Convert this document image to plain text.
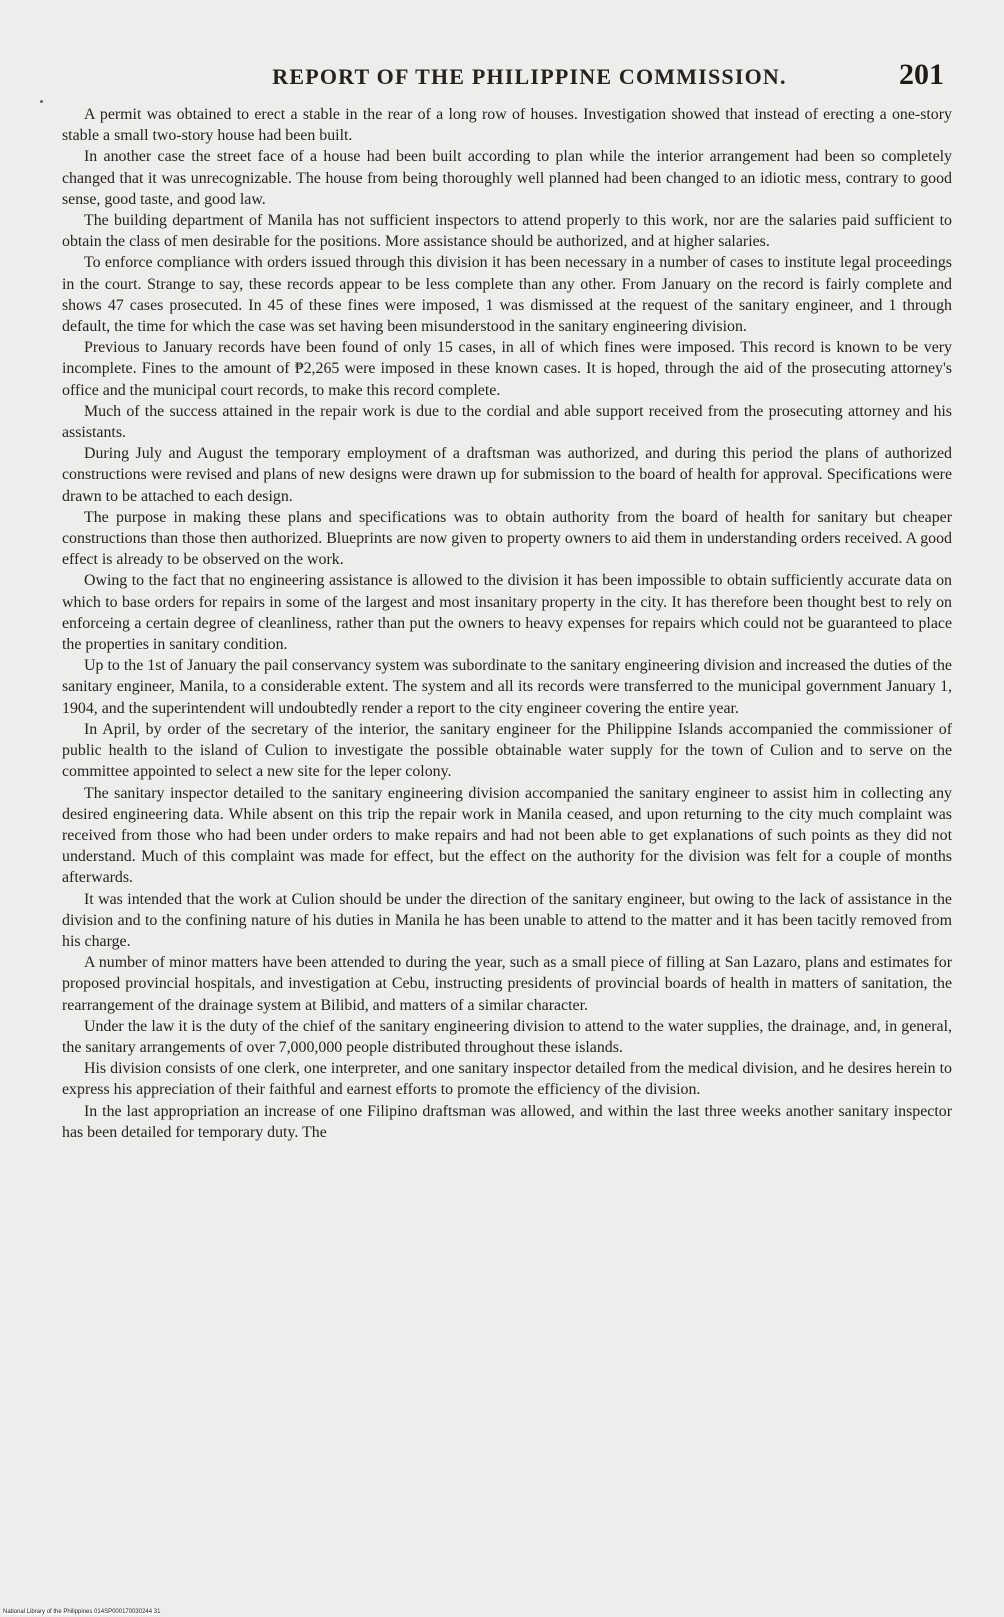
REPORT OF THE PHILIPPINE COMMISSION.	201

A permit was obtained to erect a stable in the rear of a long row of houses. Investigation showed that instead of erecting a one-story stable a small two-story house had been built.

In another case the street face of a house had been built according to plan while the interior arrangement had been so completely changed that it was unrecognizable. The house from being thoroughly well planned had been changed to an idiotic mess, contrary to good sense, good taste, and good law.

The building department of Manila has not sufficient inspectors to attend properly to this work, nor are the salaries paid sufficient to obtain the class of men desirable for the positions. More assistance should be authorized, and at higher salaries.

To enforce compliance with orders issued through this division it has been necessary in a number of cases to institute legal proceedings in the court. Strange to say, these records appear to be less complete than any other. From January on the record is fairly complete and shows 47 cases prosecuted. In 45 of these fines were imposed, 1 was dismissed at the request of the sanitary engineer, and 1 through default, the time for which the case was set having been misunderstood in the sanitary engineering division.

Previous to January records have been found of only 15 cases, in all of which fines were imposed. This record is known to be very incomplete. Fines to the amount of ₱2,265 were imposed in these known cases. It is hoped, through the aid of the prosecuting attorney's office and the municipal court records, to make this record complete.

Much of the success attained in the repair work is due to the cordial and able support received from the prosecuting attorney and his assistants.

During July and August the temporary employment of a draftsman was authorized, and during this period the plans of authorized constructions were revised and plans of new designs were drawn up for submission to the board of health for approval. Specifications were drawn to be attached to each design.

The purpose in making these plans and specifications was to obtain authority from the board of health for sanitary but cheaper constructions than those then authorized. Blueprints are now given to property owners to aid them in understanding orders received. A good effect is already to be observed on the work.

Owing to the fact that no engineering assistance is allowed to the division it has been impossible to obtain sufficiently accurate data on which to base orders for repairs in some of the largest and most insanitary property in the city. It has therefore been thought best to rely on enforceing a certain degree of cleanliness, rather than put the owners to heavy expenses for repairs which could not be guaranteed to place the properties in sanitary condition.

Up to the 1st of January the pail conservancy system was subordinate to the sanitary engineering division and increased the duties of the sanitary engineer, Manila, to a considerable extent. The system and all its records were transferred to the municipal government January 1, 1904, and the superintendent will undoubtedly render a report to the city engineer covering the entire year.

In April, by order of the secretary of the interior, the sanitary engineer for the Philippine Islands accompanied the commissioner of public health to the island of Culion to investigate the possible obtainable water supply for the town of Culion and to serve on the committee appointed to select a new site for the leper colony.

The sanitary inspector detailed to the sanitary engineering division accompanied the sanitary engineer to assist him in collecting any desired engineering data. While absent on this trip the repair work in Manila ceased, and upon returning to the city much complaint was received from those who had been under orders to make repairs and had not been able to get explanations of such points as they did not understand. Much of this complaint was made for effect, but the effect on the authority for the division was felt for a couple of months afterwards.

It was intended that the work at Culion should be under the direction of the sanitary engineer, but owing to the lack of assistance in the division and to the confining nature of his duties in Manila he has been unable to attend to the matter and it has been tacitly removed from his charge.

A number of minor matters have been attended to during the year, such as a small piece of filling at San Lazaro, plans and estimates for proposed provincial hospitals, and investigation at Cebu, instructing presidents of provincial boards of health in matters of sanitation, the rearrangement of the drainage system at Bilibid, and matters of a similar character.

Under the law it is the duty of the chief of the sanitary engineering division to attend to the water supplies, the drainage, and, in general, the sanitary arrangements of over 7,000,000 people distributed throughout these islands.

His division consists of one clerk, one interpreter, and one sanitary inspector detailed from the medical division, and he desires herein to express his appreciation of their faithful and earnest efforts to promote the efficiency of the division.

In the last appropriation an increase of one Filipino draftsman was allowed, and within the last three weeks another sanitary inspector has been detailed for temporary duty. The

National Library of the Philippines 014SP000170030244 31
